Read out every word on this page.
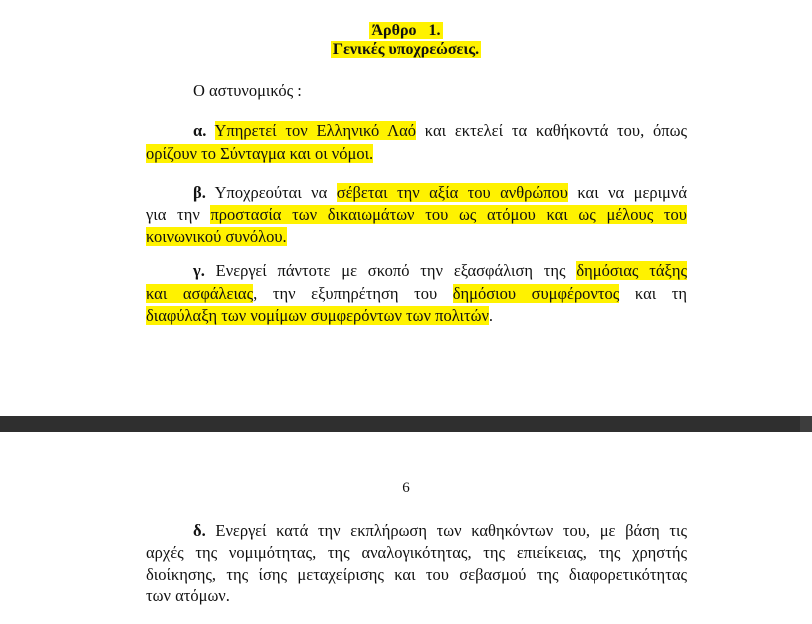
Άρθρο   1.
Γενικές υποχρεώσεις.
Ο αστυνομικός :
α. Υπηρετεί τον Ελληνικό Λαό και εκτελεί τα καθήκοντά του, όπως
ορίζουν το Σύνταγμα και οι νόμοι.
β. Υποχρεούται να σέβεται την αξία του ανθρώπου και να μεριμνά
για την προστασία των δικαιωμάτων του ως ατόμου και ως μέλους του
κοινωνικού συνόλου.
γ. Ενεργεί πάντοτε με σκοπό την εξασφάλιση της δημόσιας τάξης
και ασφάλειας, την εξυπηρέτηση του δημόσιου συμφέροντος και τη
διαφύλαξη των νομίμων συμφερόντων των πολιτών.
6
δ. Ενεργεί κατά την εκπλήρωση των καθηκόντων του, με βάση τις
αρχές της νομιμότητας, της αναλογικότητας, της επιείκειας, της χρηστής
διοίκησης, της ίσης μεταχείρισης και του σεβασμού της διαφορετικότητας
των ατόμων.
